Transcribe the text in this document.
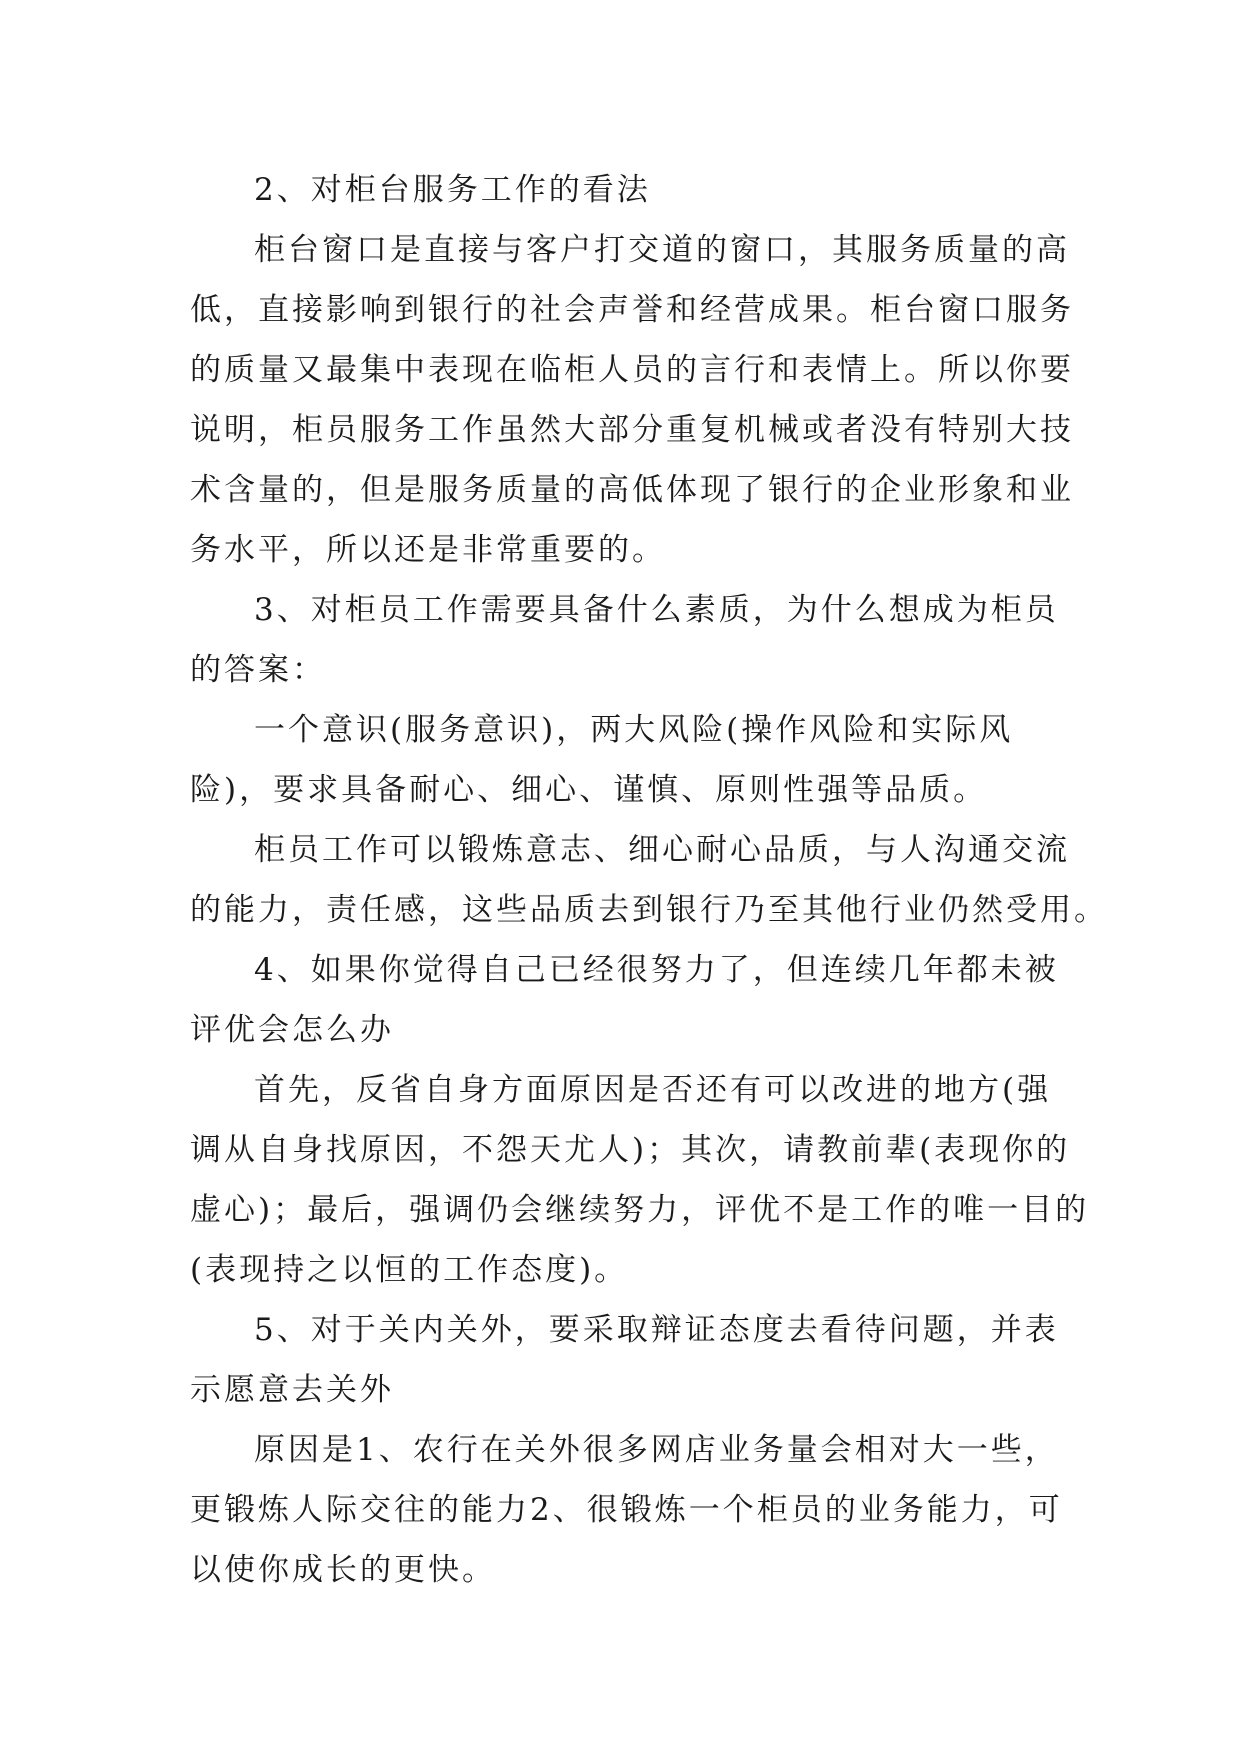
2、对柜台服务工作的看法
柜台窗口是直接与客户打交道的窗口，其服务质量的高
低，直接影响到银行的社会声誉和经营成果。柜台窗口服务
的质量又最集中表现在临柜人员的言行和表情上。所以你要
说明，柜员服务工作虽然大部分重复机械或者没有特别大技
术含量的，但是服务质量的高低体现了银行的企业形象和业
务水平，所以还是非常重要的。
3、对柜员工作需要具备什么素质，为什么想成为柜员
的答案：
一个意识(服务意识)，两大风险(操作风险和实际风
险)，要求具备耐心、细心、谨慎、原则性强等品质。
柜员工作可以锻炼意志、细心耐心品质，与人沟通交流
的能力，责任感，这些品质去到银行乃至其他行业仍然受用。
4、如果你觉得自己已经很努力了，但连续几年都未被
评优会怎么办
首先，反省自身方面原因是否还有可以改进的地方(强
调从自身找原因，不怨天尤人)；其次，请教前辈(表现你的
虚心)；最后，强调仍会继续努力，评优不是工作的唯一目的
(表现持之以恒的工作态度)。
5、对于关内关外，要采取辩证态度去看待问题，并表
示愿意去关外
原因是1、农行在关外很多网店业务量会相对大一些，
更锻炼人际交往的能力2、很锻炼一个柜员的业务能力，可
以使你成长的更快。
